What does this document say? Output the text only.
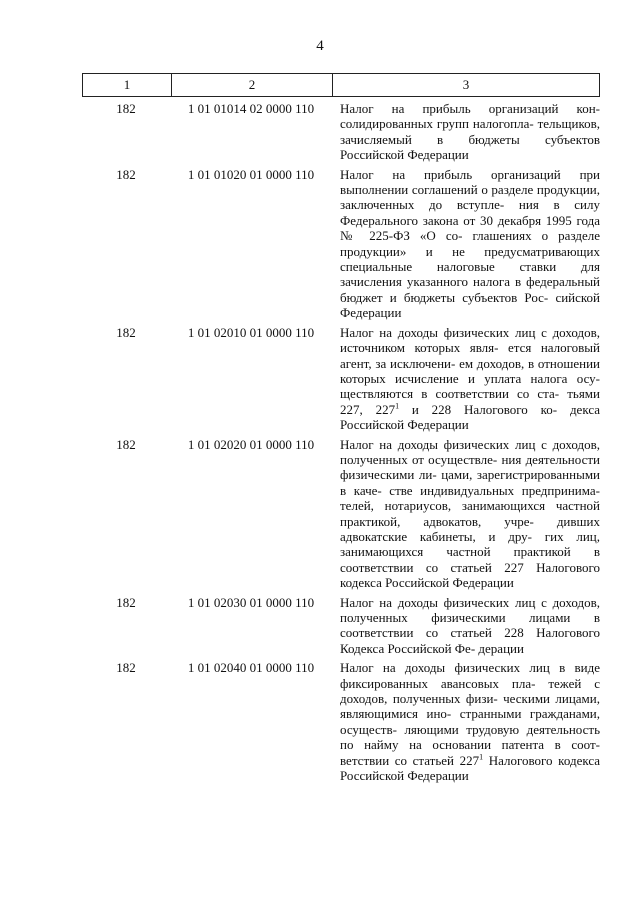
4
1	2	3
182	1 01 01014 02 0000 110	Налог на прибыль организаций кон- солидированных групп налогопла- тельщиков, зачисляемый в бюджеты субъектов Российской Федерации
182	1 01 01020 01 0000 110	Налог на прибыль организаций при выполнении соглашений о разделе продукции, заключенных до вступле- ния в силу Федерального закона от 30 декабря 1995 года № 225-ФЗ «О со- глашениях о разделе продукции» и не предусматривающих специальные налоговые ставки для зачисления указанного налога в федеральный бюджет и бюджеты субъектов Рос- сийской Федерации
182	1 01 02010 01 0000 110	Налог на доходы физических лиц с доходов, источником которых явля- ется налоговый агент, за исключени- ем доходов, в отношении которых исчисление и уплата налога осу- ществляются в соответствии со ста- тьями 227, $227^1$ и 228 Налогового ко- декса Российской Федерации
182	1 01 02020 01 0000 110	Налог на доходы физических лиц с доходов, полученных от осуществле- ния деятельности физическими ли- цами, зарегистрированными в каче- стве индивидуальных предпринима- телей, нотариусов, занимающихся частной практикой, адвокатов, учре- дивших адвокатские кабинеты, и дру- гих лиц, занимающихся частной практикой в соответствии со статьей 227 Налогового кодекса Российской Федерации
182	1 01 02030 01 0000 110	Налог на доходы физических лиц с доходов, полученных физическими лицами в соответствии со статьей 228 Налогового Кодекса Российской Фе- дерации
182	1 01 02040 01 0000 110	Налог на доходы физических лиц в виде фиксированных авансовых пла- тежей с доходов, полученных физи- ческими лицами, являющимися ино- странными гражданами, осуществ- ляющими трудовую деятельность по найму на основании патента в соот- ветствии со статьей $227^1$ Налогового кодекса Российской Федерации
